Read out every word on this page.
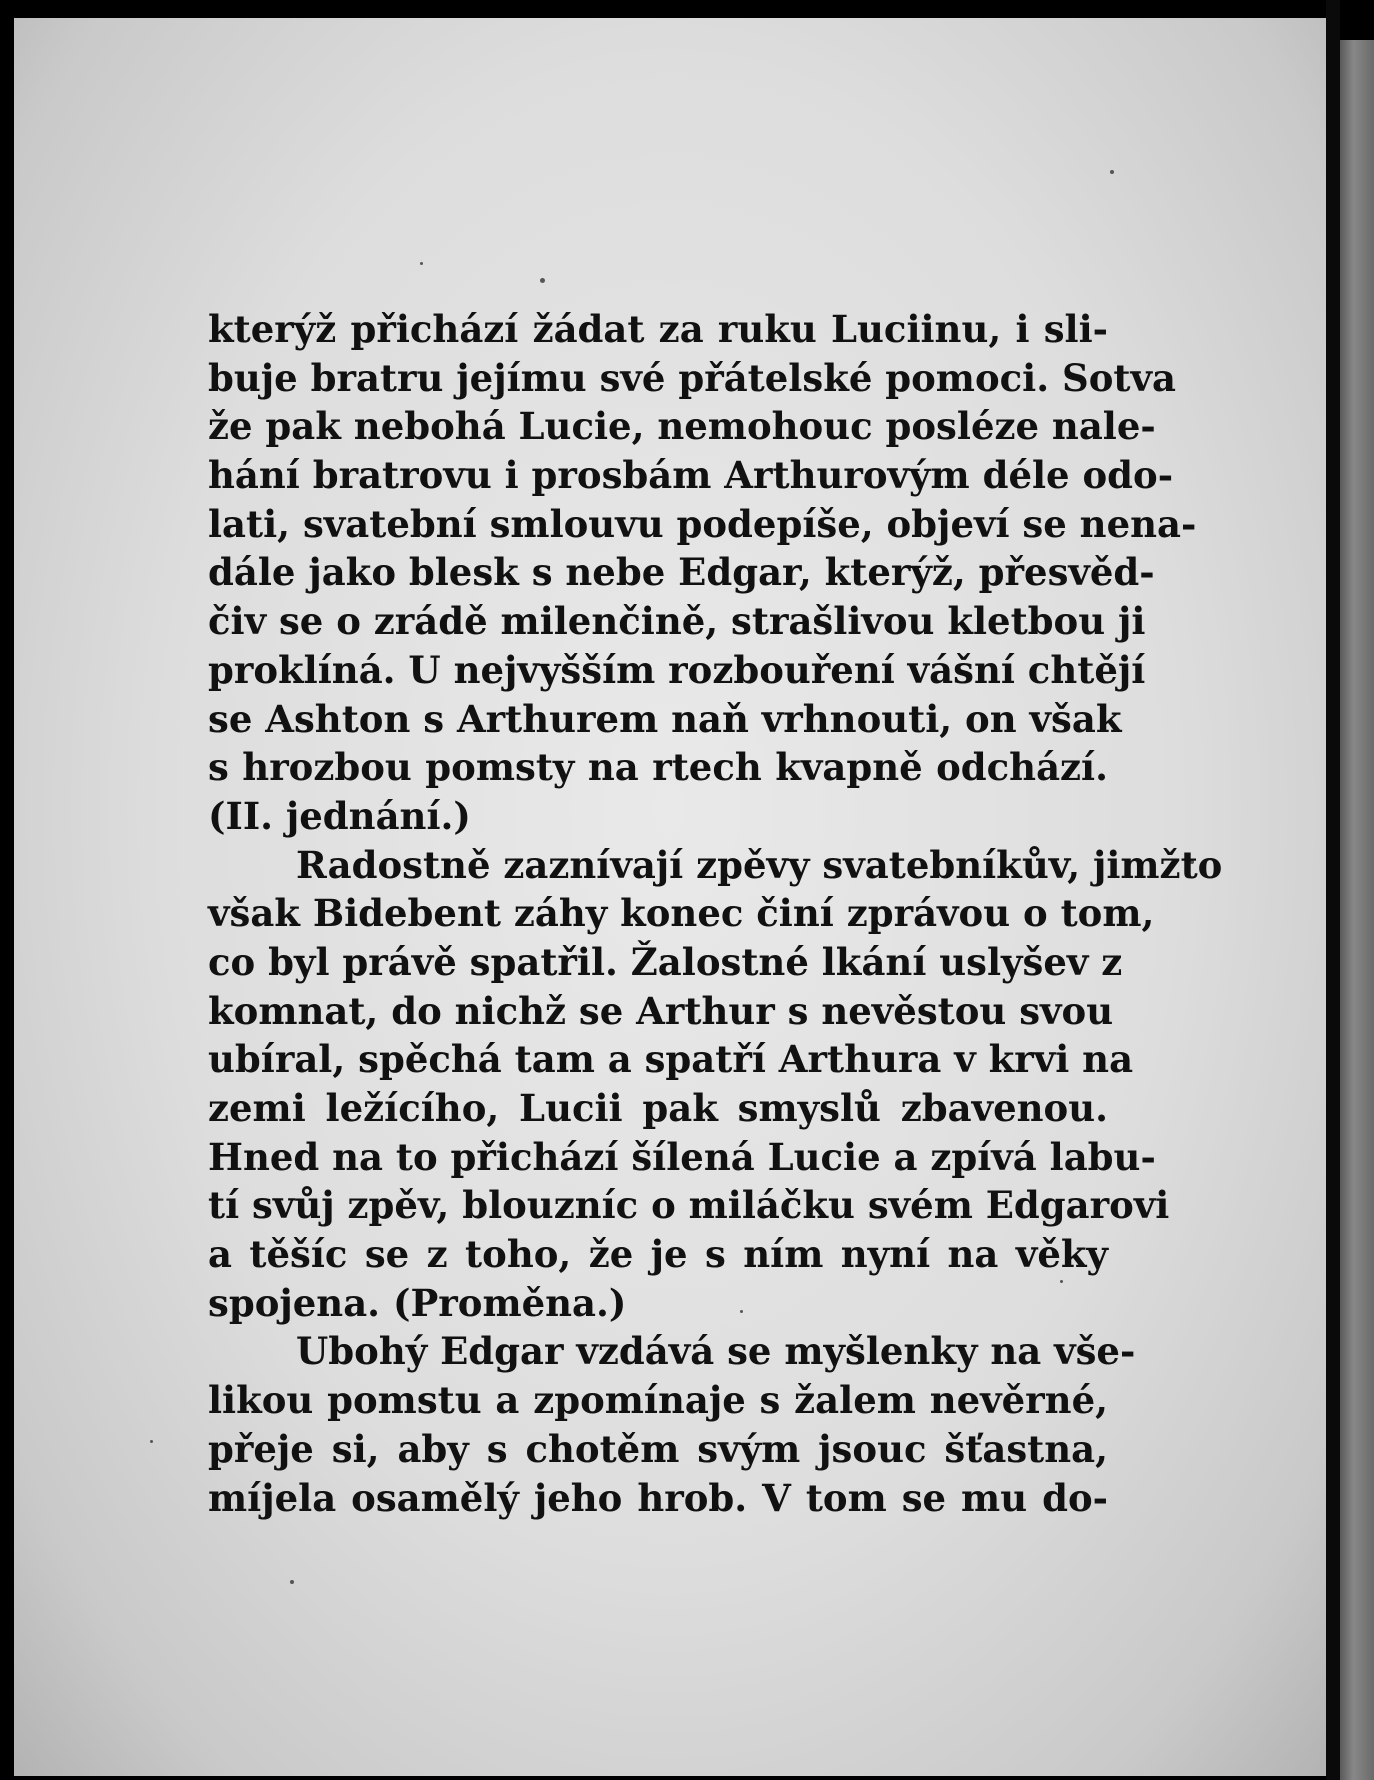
kterýž přichází žádat za ruku Luciinu, i sli-
buje bratru jejímu své přátelské pomoci. Sotva
že pak nebohá Lucie, nemohouc posléze nale-
hání bratrovu i prosbám Arthurovým déle odo-
lati, svatební smlouvu podepíše, objeví se nena-
dále jako blesk s nebe Edgar, kterýž, přesvěd-
čiv se o zrádě milenčině, strašlivou kletbou ji
proklíná. U nejvyšším rozbouření vášní chtějí
se Ashton s Arthurem naň vrhnouti, on však
s hrozbou pomsty na rtech kvapně odchází.
(II. jednání.)
Radostně zaznívají zpěvy svatebníkův, jimžto
však Bidebent záhy konec činí zprávou o tom,
co byl právě spatřil. Žalostné lkání uslyšev z
komnat, do nichž se Arthur s nevěstou svou
ubíral, spěchá tam a spatří Arthura v krvi na
zemi ležícího, Lucii pak smyslů zbavenou.
Hned na to přichází šílená Lucie a zpívá labu-
tí svůj zpěv, blouzníc o miláčku svém Edgarovi
a těšíc se z toho, že je s ním nyní na věky
spojena. (Proměna.)
Ubohý Edgar vzdává se myšlenky na vše-
likou pomstu a zpomínaje s žalem nevěrné,
přeje si, aby s chotěm svým jsouc šťastna,
míjela osamělý jeho hrob. V tom se mu do-
